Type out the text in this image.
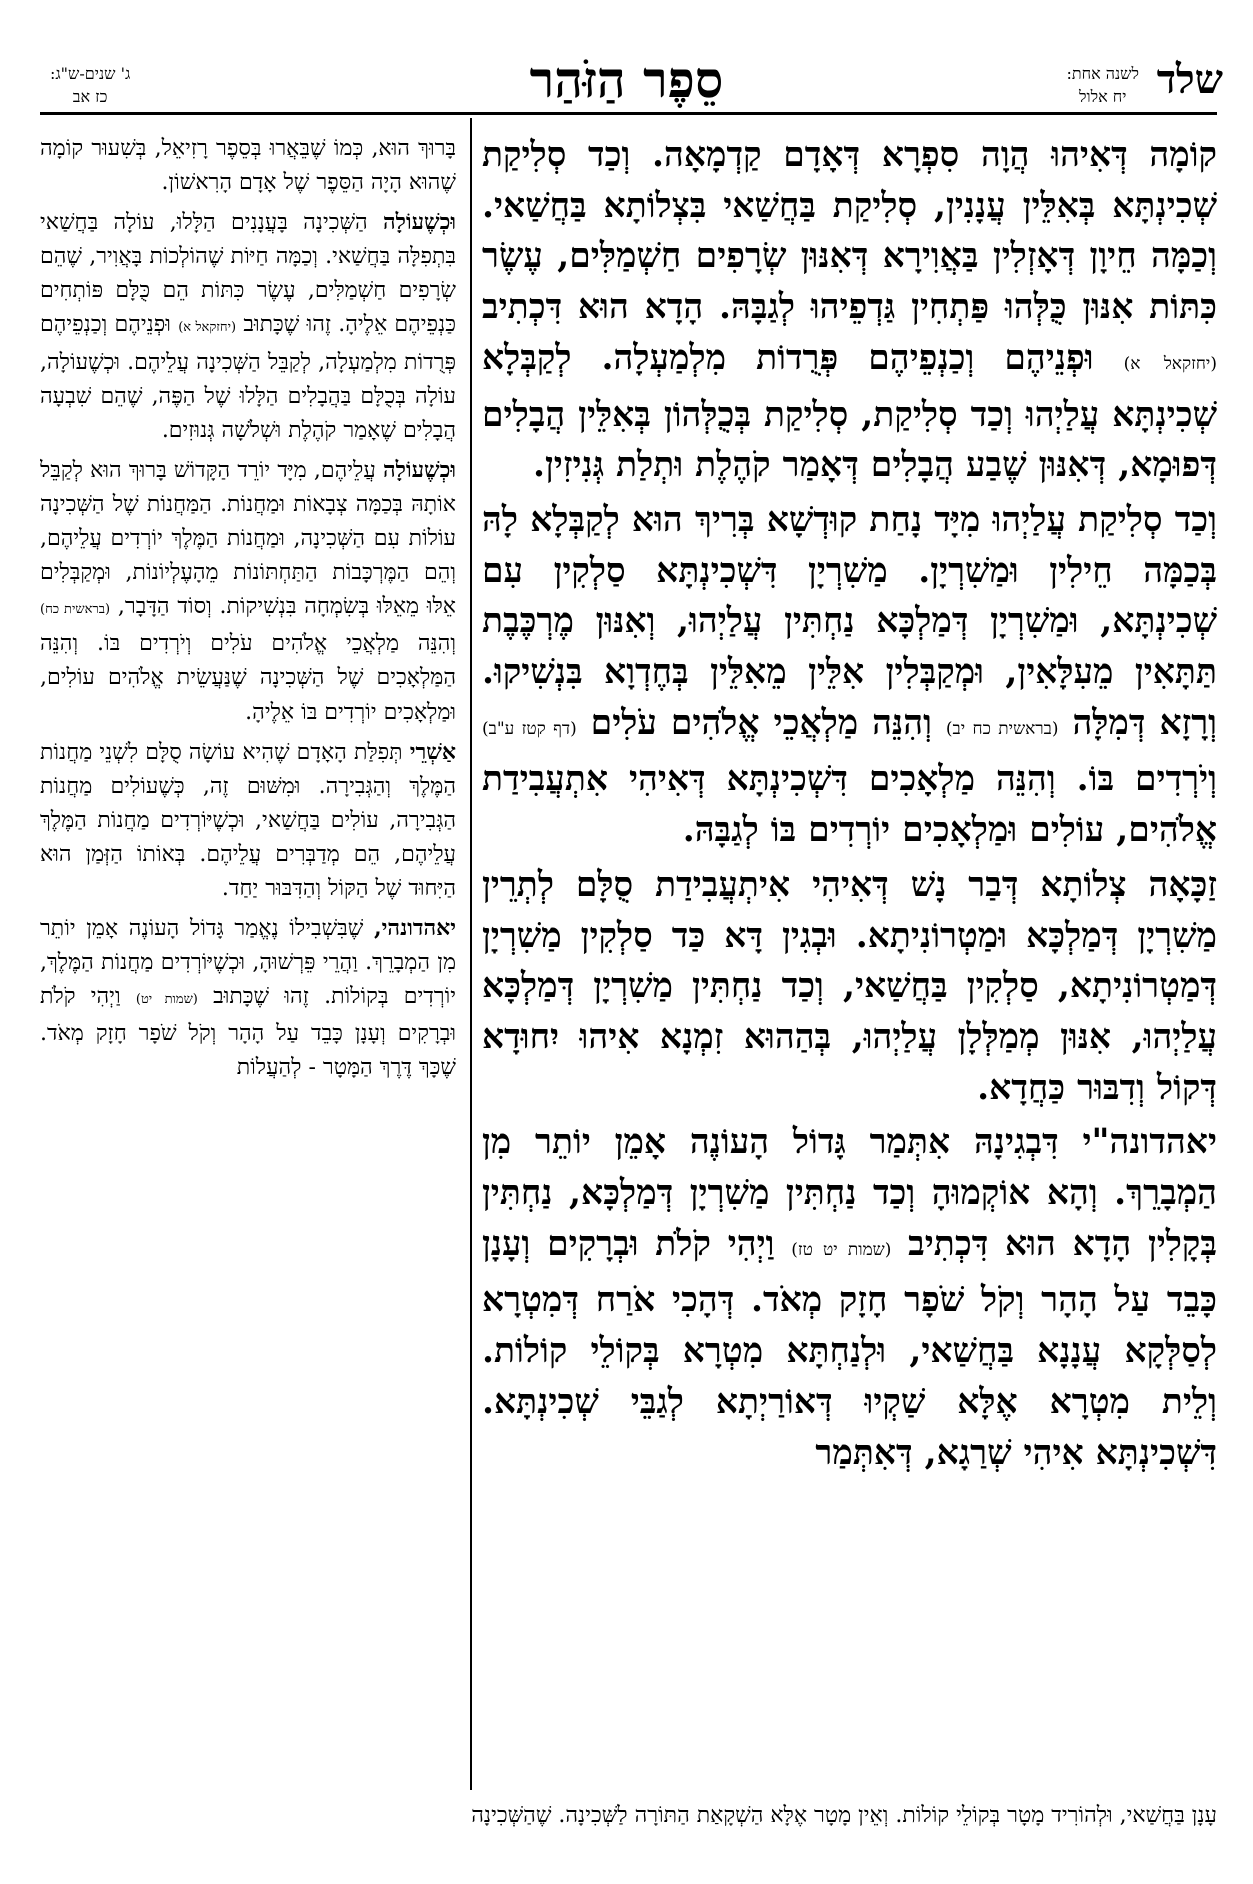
שלד
לשנה אחת:
יח אלול
סֵפֶר הַזֹּהַר
ג' שנים-ש"ג:
כז אב

קוֹמָה דְּאִיהוּ הֲוָה סִפְרָא דְּאָדָם קַדְמָאָה. וְכַד סְלִיקַת שְׁכִינְתָּא בְּאִלֵּין עֲנָנִין, סְלִיקַת בַּחֲשַׁאי בִּצְלוֹתָא בַּחֲשַׁאי. וְכַמָּה חֵיוָן דְּאָזְלִין בַּאֲוִירָא דְּאִנּוּן שְׂרָפִים חַשְׁמַלִּים, עֶשֶׂר כִּתּוֹת אִנּוּן כֻּלְּהוּ פַּתְחִין גַּדְפֵיהוּ לְגַבָּהּ. הָדָא הוּא דִּכְתִיב (יחזקאל א) וּפְנֵיהֶם וְכַנְפֵיהֶם פְּרֻדוֹת מִלְמַעְלָה. לְקַבְּלָא שְׁכִינְתָּא עֲלַיְהוּ וְכַד סְלִיקַת, סְלִיקַת בְּכֻלְּהוֹן בְּאִלֵּין הֲבָלִים דְּפוּמָא, דְּאִנּוּן שֶׁבַע הֲבָלִים דְּאָמַר קֹהֶלֶת וּתְלַת גְּנִיזִין.

וְכַד סְלִיקַת עֲלַיְהוּ מִיָּד נָחַת קוּדְשָׁא בְּרִיךְ הוּא לְקַבְּלָא לָהּ בְּכַמָּה חֵילִין וּמַשִׁרְיָן. מַשִׁרְיָן דִּשְׁכִינְתָּא סַלְקִין עִם שְׁכִינְתָּא, וּמַשִׁרְיָן דְּמַלְכָּא נַחְתִּין עֲלַיְהוּ, וְאִנּוּן מֶרְכֶּבֶת תַּתָּאִין מֵעִלָּאִין, וּמְקַבְּלִין אִלֵּין מֵאִלֵּין בְּחֶדְוָא בִּנְשִׁיקוּ. וְרָזָא דְּמִלָּה (בראשית כח יב) וְהִנֵּה מַלְאֲכֵי אֱלֹהִים עֹלִים (דף קטז ע"ב) וְיֹרְדִים בּוֹ. וְהִנֵּה מַלְאָכִים דִּשְׁכִינְתָּא דְּאִיהִי אִתְעֲבִידַת אֱלֹהִים, עוֹלִים וּמַלְאָכִים יוֹרְדִים בּוֹ לְגַבָּהּ.

זַכָּאָה צְלוֹתָא דְּבַר נָשׁ דְּאִיהִי אִיתְעֲבִידַת סֻלָּם לְתְרֵין מַשִׁרְיָן דְּמַלְכָּא וּמַטְרוֹנִיתָא. וּבְגִין דָּא כַּד סַלְקִין מַשִׁרְיָן דְּמַטְרוֹנִיתָא, סַלְקִין בַּחֲשַׁאי, וְכַד נַחְתִּין מַשִׁרְיָן דְּמַלְכָּא עֲלַיְהוּ, אִנּוּן מְמַלְּלָן עֲלַיְהוּ, בְּהַהוּא זִמְנָא אִיהוּ יִחוּדָא דְּקוֹל וְדִבּוּר כַּחֲדָא.

יאהדונה"י דִּבְגִינָהּ אִתְּמַר גָּדוֹל הָעוֹנֶה אָמֵן יוֹתֵר מִן הַמְבָרֵךְ. וְהָא אוֹקְמוּהָ וְכַד נַחְתִּין מַשִׁרְיָן דְּמַלְכָּא, נַחְתִּין בְּקָלִין הָדָא הוּא דִּכְתִיב (שמות יט טז) וַיְהִי קֹלֹת וּבְרָקִים וְעָנָן כָּבֵד עַל הָהָר וְקֹל שֹׁפָר חָזָק מְאֹד. דְּהָכִי אֹרַח דְּמִטְרָא לְסַלְּקָא עֲנָנָא בַּחֲשַׁאי, וּלְנַחְתָּא מִטְרָא בְּקוֹלֵי קוֹלוֹת. וְלֵית מִטְרָא אֶלָּא שַׁקְיוּ דְּאוֹרַיְתָא לְגַבֵּי שְׁכִינְתָּא. דִּשְׁכִינְתָּא אִיהִי שְׁרַגָא, דְּאִתְּמַר

בָּרוּךְ הוּא, כְּמוֹ שֶׁבֵּאֲרוּ בְּסֵפֶר רָזִיאֵל, בְּשִׁעוּר קוֹמָה שֶׁהוּא הָיָה הַסֵּפֶר שֶׁל אָדָם הָרִאשׁוֹן.

וּכְשֶׁעוֹלָה הַשְּׁכִינָה בָּעֲנָנִים הַלָּלוּ, עוֹלָה בַּחֲשַׁאי בִּתְפִלָּה בַּחֲשַׁאי. וְכַמָּה חַיּוֹת שֶׁהוֹלְכוֹת בָּאֲוִיר, שֶׁהֵם שְׂרָפִים חַשְׁמַלִּים, עֶשֶׂר כִּתּוֹת הֵם כֻּלָּם פּוֹתְחִים כַּנְפֵיהֶם אֵלֶיהָ. זֶהוּ שֶׁכָּתוּב (יחזקאל א) וּפְנֵיהֶם וְכַנְפֵיהֶם פְּרֻדוֹת מִלְמַעְלָה, לְקַבֵּל הַשְּׁכִינָה עֲלֵיהֶם. וּכְשֶׁעוֹלָה, עוֹלָה בְּכֻלָּם בַּהֲבָלִים הַלָּלוּ שֶׁל הַפֶּה, שֶׁהֵם שִׁבְעָה הֲבָלִים שֶׁאָמַר קֹהֶלֶת וּשְׁלֹשָׁה גְּנוּזִים.

וּכְשֶׁעוֹלָה עֲלֵיהֶם, מִיָּד יוֹרֵד הַקָּדוֹשׁ בָּרוּךְ הוּא לְקַבֵּל אוֹתָהּ בְּכַמָּה צְבָאוֹת וּמַחֲנוֹת. הַמַּחֲנוֹת שֶׁל הַשְּׁכִינָה עוֹלוֹת עִם הַשְּׁכִינָה, וּמַחֲנוֹת הַמֶּלֶךְ יוֹרְדִים עֲלֵיהֶם, וְהֵם הַמֶּרְכָּבוֹת הַתַּחְתּוֹנוֹת מֵהָעֶלְיוֹנוֹת, וּמְקַבְּלִים אֵלּוּ מֵאֵלּוּ בְּשִׂמְחָה בִּנְשִׁיקוֹת. וְסוֹד הַדָּבָר, (בראשית כח) וְהִנֵּה מַלְאֲכֵי אֱלֹהִים עֹלִים וְיֹרְדִים בּוֹ. וְהִנֵּה הַמַּלְאָכִים שֶׁל הַשְּׁכִינָה שֶׁנַּעֲשֵׂית אֱלֹהִים עוֹלִים, וּמַלְאָכִים יוֹרְדִים בּוֹ אֵלֶיהָ.

אַשְׁרֵי תְּפִלַּת הָאָדָם שֶׁהִיא עוֹשָׂה סֻלָּם לִשְׁנֵי מַחֲנוֹת הַמֶּלֶךְ וְהַגְּבִירָה. וּמִשּׁוּם זֶה, כְּשֶׁעוֹלִים מַחֲנוֹת הַגְּבִירָה, עוֹלִים בַּחֲשַׁאי, וּכְשֶׁיּוֹרְדִים מַחֲנוֹת הַמֶּלֶךְ עֲלֵיהֶם, הֵם מְדַבְּרִים עֲלֵיהֶם. בְּאוֹתוֹ הַזְּמַן הוּא הַיִּחוּד שֶׁל הַקּוֹל וְהַדִּבּוּר יַחַד.

יאהדונהי, שֶׁבִּשְׁבִילוֹ נֶאֱמַר גָּדוֹל הָעוֹנֶה אָמֵן יוֹתֵר מִן הַמְבָרֵךְ. וַהֲרֵי פֵּרְשׁוּהָ, וּכְשֶׁיּוֹרְדִים מַחֲנוֹת הַמֶּלֶךְ, יוֹרְדִים בְּקוֹלוֹת. זֶהוּ שֶׁכָּתוּב (שמות יט) וַיְהִי קֹלֹת וּבְרָקִים וְעָנָן כָּבֵד עַל הָהָר וְקֹל שֹׁפָר חָזָק מְאֹד. שֶׁכָּךְ דֶּרֶךְ הַמָּטָר - לְהַעֲלוֹת

עָנָן בַּחֲשַׁאי, וּלְהוֹרִיד מָטָר בְּקוֹלֵי קוֹלוֹת. וְאֵין מָטָר אֶלָּא הַשְׁקָאַת הַתּוֹרָה לַשְּׁכִינָה. שֶׁהַשְּׁכִינָה
